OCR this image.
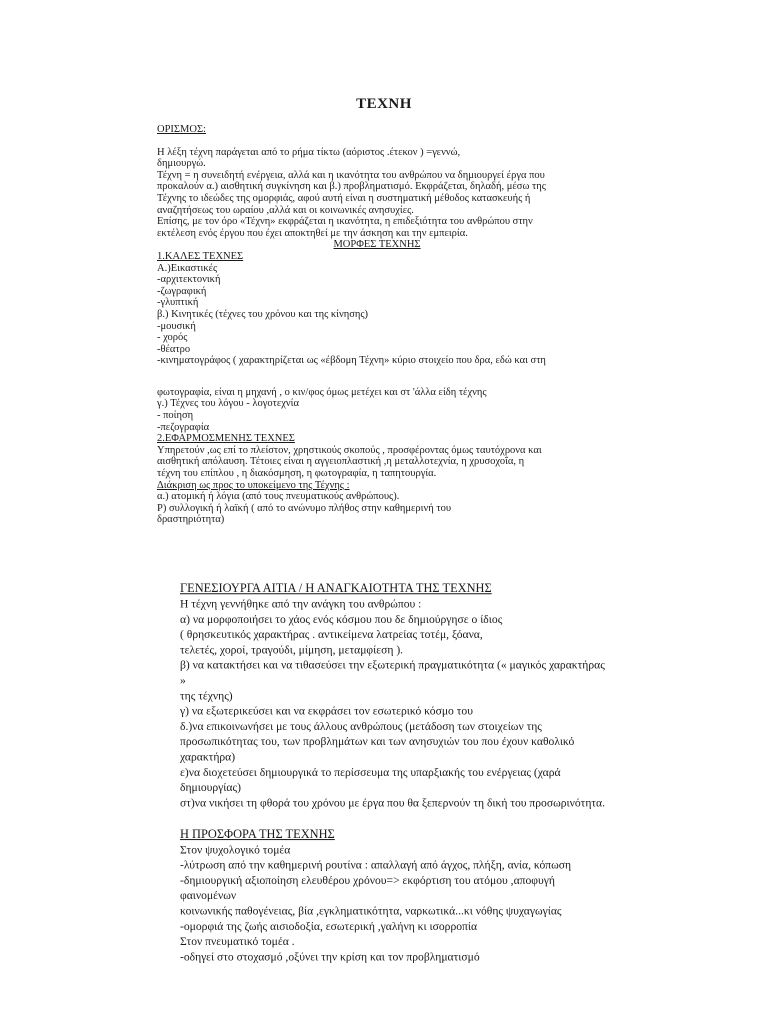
ΤΕΧΝΗ

ΟΡΙΣΜΟΣ:

Η λέξη τέχνη παράγεται από το ρήμα τίκτω (αόριστος .έτεκον ) =γεννώ,

δημιουργώ.

Τέχνη = η συνειδητή ενέργεια, αλλά και η ικανότητα του ανθρώπου να δημιουργεί έργα που

προκαλούν α.) αισθητική συγκίνηση και β.) προβληματισμό. Εκφράζεται, δηλαδή, μέσω της

Τέχνης το ιδεώδες της ομορφιάς, αφού αυτή είναι η συστηματική μέθοδος κατασκευής ή

αναζητήσεως του ωραίου ,αλλά και οι κοινωνικές ανησυχίες.

Επίσης, με τον όρο «Τέχνη» εκφράζεται η ικανότητα, η επιδεξιότητα του ανθρώπου στην

εκτέλεση ενός έργου που έχει αποκτηθεί με την άσκηση και την εμπειρία.

ΜΟΡΦΕΣ ΤΕΧΝΗΣ

1.ΚΑΛΕΣ ΤΕΧΝΕΣ

Α.)Εικαστικές

-αρχιτεκτονική

-ζωγραφική

-γλυπτική

β.) Κινητικές (τέχνες του χρόνου και της κίνησης)

-μουσική

- χορός

-θέατρο

-κινηματογράφος ( χαρακτηρίζεται ως «έβδομη Τέχνη» κύριο στοιχείο που δρα, εδώ και στη

φωτογραφία, είναι η μηχανή , ο κιν/φος όμως μετέχει και στ 'άλλα είδη τέχνης

γ.) Τέχνες του λόγου - λογοτεχνία

- ποίηση

-πεζογραφία

2.ΕΦΑΡΜΟΣΜΕΝΗΣ ΤΕΧΝΕΣ

Υπηρετούν ,ως επί το πλείστον, χρηστικούς σκοπούς , προσφέροντας όμως ταυτόχρονα και

αισθητική απόλαυση. Τέτοιες είναι η αγγειοπλαστική ,η μεταλλοτεχνία, η χρυσοχοΐα, η

τέχνη του επίπλου , η διακόσμηση, η φωτογραφία, η ταπητουργία.

Διάκριση ως προς το υποκείμενο της Τέχνης :

α.) ατομική ή λόγια (από τους πνευματικούς ανθρώπους).

Ρ) συλλογική ή λαϊκή ( από το ανώνυμο πλήθος στην καθημερινή του

δραστηριότητα)

ΓΕΝΕΣΙΟΥΡΓΑ ΑΙΤΙΑ / Η ΑΝΑΓΚΑΙΟΤΗΤΑ ΤΗΣ ΤΕΧΝΗΣ

Η τέχνη γεννήθηκε από την ανάγκη του ανθρώπου :

α) να μορφοποιήσει το χάος ενός κόσμου που δε δημιούργησε ο ίδιος

( θρησκευτικός χαρακτήρας . αντικείμενα λατρείας τοτέμ, ξόανα,

τελετές, χοροί, τραγούδι, μίμηση, μεταμφίεση ).

β) να κατακτήσει και να τιθασεύσει την εξωτερική πραγματικότητα (« μαγικός χαρακτήρας »

της τέχνης)

γ) να εξωτερικεύσει και να εκφράσει τον εσωτερικό κόσμο του

δ.)να επικοινωνήσει με τους άλλους ανθρώπους (μετάδοση των στοιχείων της

προσωπικότητας του, των προβλημάτων και των ανησυχιών του που έχουν καθολικό

χαρακτήρα)

ε)να διοχετεύσει δημιουργικά το περίσσευμα της υπαρξιακής του ενέργειας (χαρά

δημιουργίας)

στ)να νικήσει τη φθορά του χρόνου με έργα που θα ξεπερνούν τη δική του προσωρινότητα.

Η ΠΡΟΣΦΟΡΑ ΤΗΣ ΤΕΧΝΗΣ

Στον ψυχολογικό τομέα

-λύτρωση από την καθημερινή ρουτίνα : απαλλαγή από άγχος, πλήξη, ανία, κόπωση

-δημιουργική αξιοποίηση ελευθέρου χρόνου=> εκφόρτιση του ατόμου ,αποφυγή φαινομένων

κοινωνικής παθογένειας, βία ,εγκληματικότητα, ναρκωτικά...κι νόθης ψυχαγωγίας

-ομορφιά της ζωής αισιοδοξία, εσωτερική ,γαλήνη κι ισορροπία

Στον πνευματικό τομέα .

-οδηγεί στο στοχασμό ,οξύνει την κρίση και τον προβληματισμό
